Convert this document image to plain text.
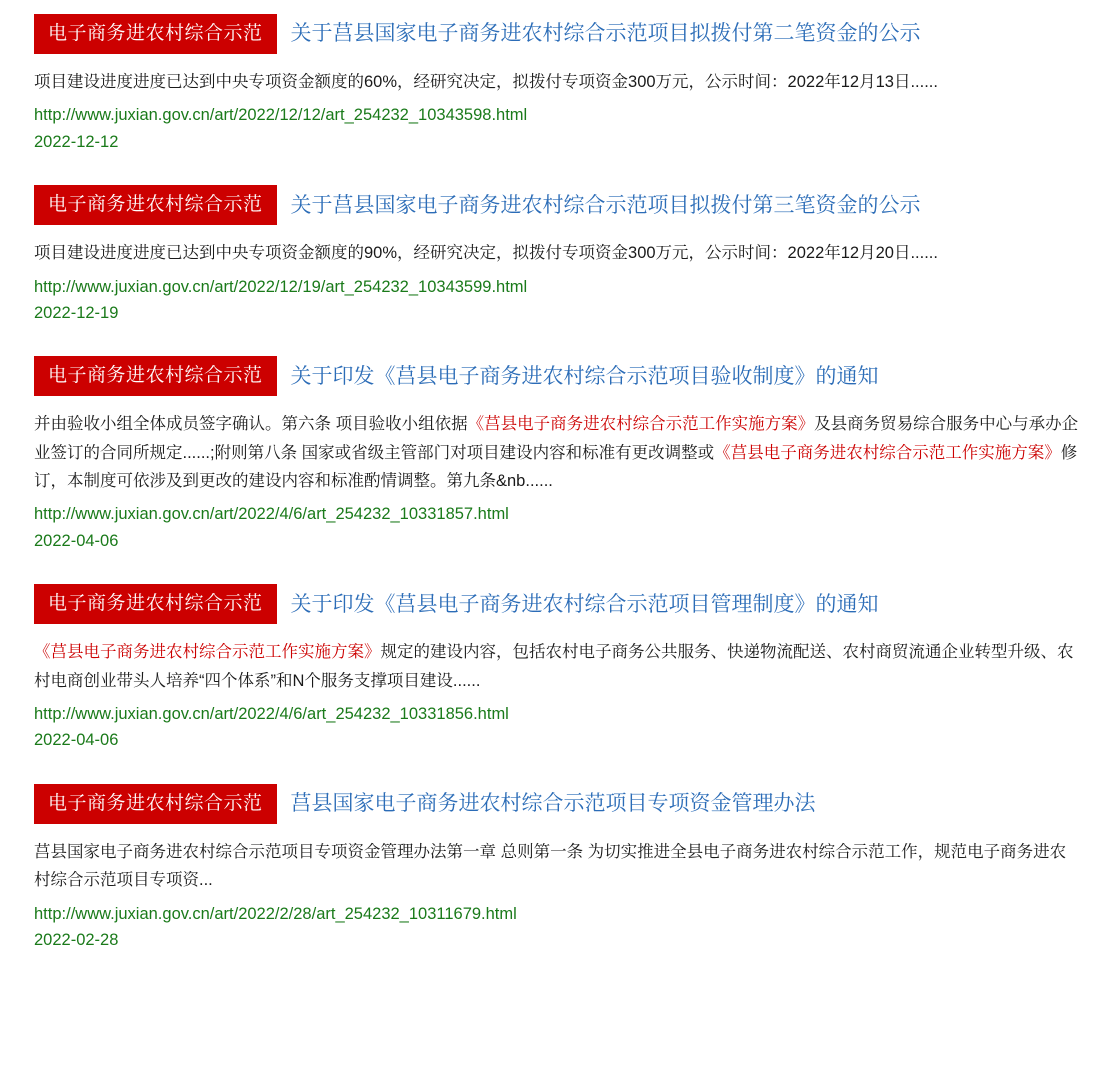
电子商务进农村综合示范	关于莒县国家电子商务进农村综合示范项目拟拨付第二笔资金的公示

项目建设进度进度已达到中央专项资金额度的60%，经研究决定，拟拨付专项资金300万元，公示时间：2022年12月13日......

http://www.juxian.gov.cn/art/2022/12/12/art_254232_10343598.html
2022-12-12
电子商务进农村综合示范	关于莒县国家电子商务进农村综合示范项目拟拨付第三笔资金的公示

项目建设进度进度已达到中央专项资金额度的90%，经研究决定，拟拨付专项资金300万元，公示时间：2022年12月20日......

http://www.juxian.gov.cn/art/2022/12/19/art_254232_10343599.html
2022-12-19
电子商务进农村综合示范	关于印发《莒县电子商务进农村综合示范项目验收制度》的通知

并由验收小组全体成员签字确认。第六条 项目验收小组依据《莒县电子商务进农村综合示范工作实施方案》及县商务贸易综合服务中心与承办企业签订的合同所规定......;附则第八条 国家或省级主管部门对项目建设内容和标准有更改调整或《莒县电子商务进农村综合示范工作实施方案》修订，本制度可依涉及到更改的建设内容和标准酌情调整。第九条&nb......

http://www.juxian.gov.cn/art/2022/4/6/art_254232_10331857.html
2022-04-06
电子商务进农村综合示范	关于印发《莒县电子商务进农村综合示范项目管理制度》的通知

《莒县电子商务进农村综合示范工作实施方案》规定的建设内容，包括农村电子商务公共服务、快递物流配送、农村商贸流通企业转型升级、农村电商创业带头人培养“四个体系”和N个服务支撑项目建设......

http://www.juxian.gov.cn/art/2022/4/6/art_254232_10331856.html
2022-04-06
电子商务进农村综合示范	莒县国家电子商务进农村综合示范项目专项资金管理办法

莒县国家电子商务进农村综合示范项目专项资金管理办法第一章 总则第一条 为切实推进全县电子商务进农村综合示范工作，规范电子商务进农村综合示范项目专项资...

http://www.juxian.gov.cn/art/2022/2/28/art_254232_10311679.html
2022-02-28
